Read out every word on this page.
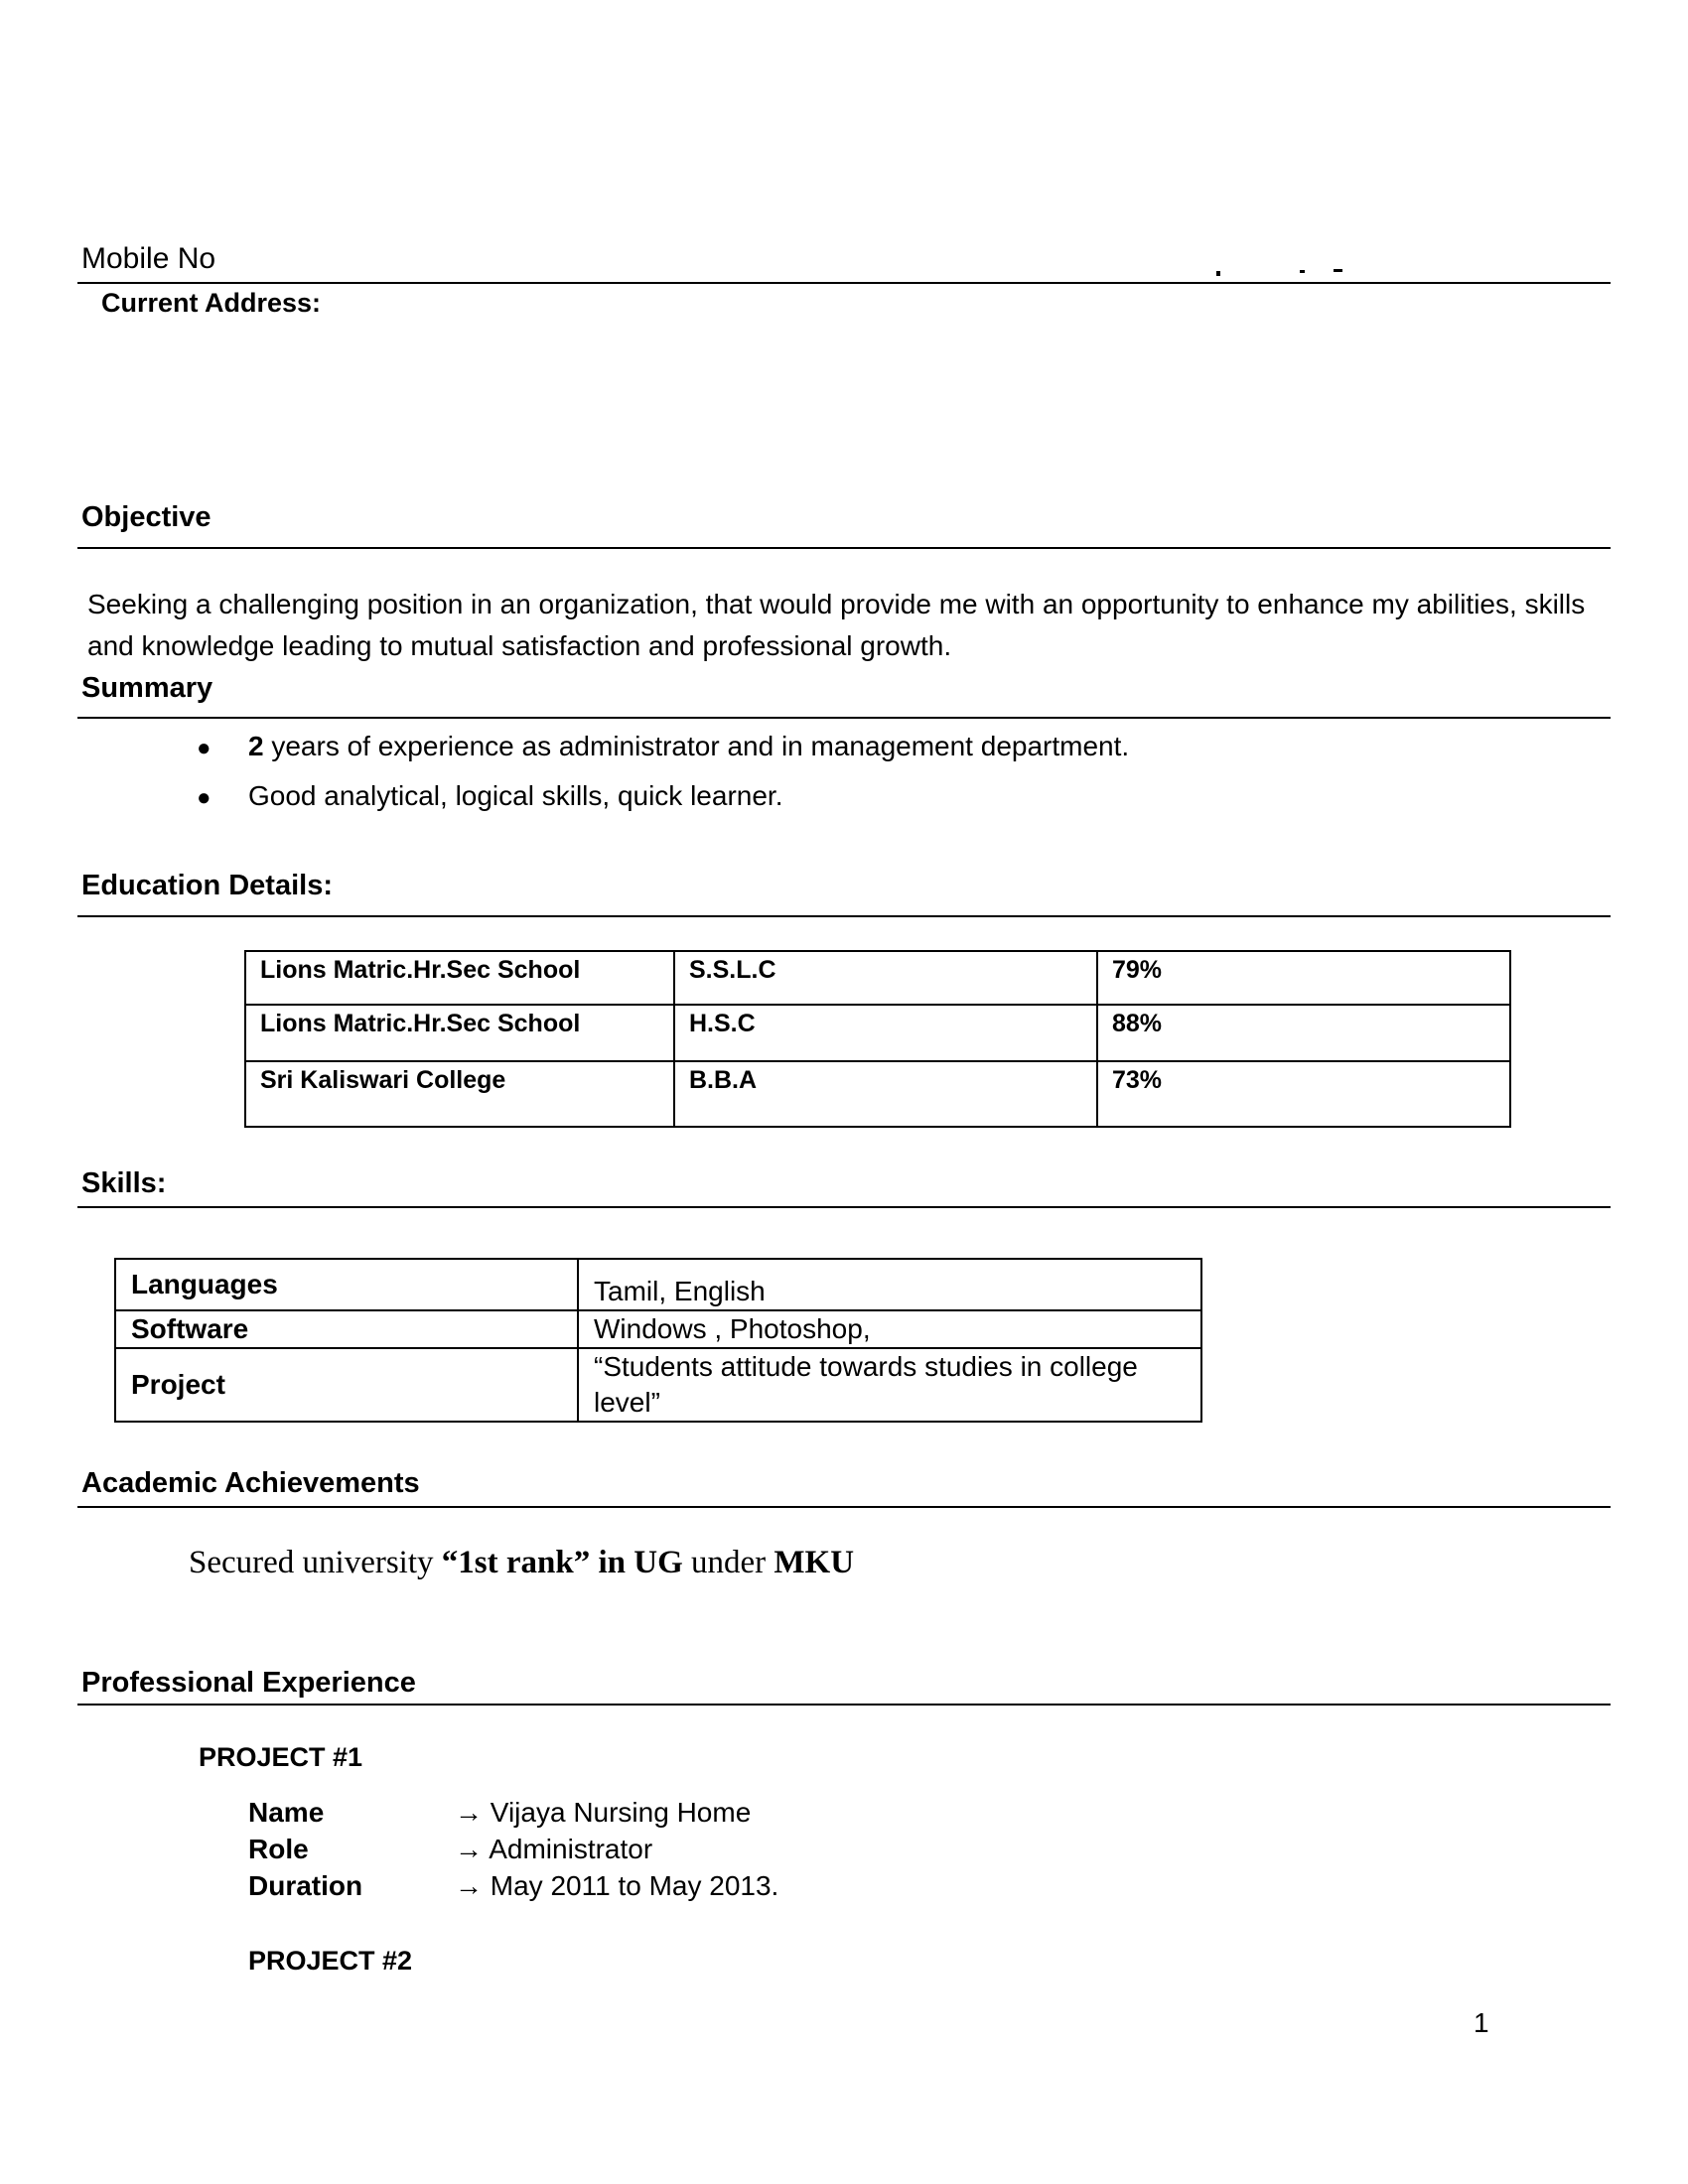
Mobile No
Current Address:
Objective
Seeking a challenging position in an organization, that would provide me with an opportunity to enhance my abilities, skills and knowledge leading to mutual satisfaction and professional growth.
Summary
●	2 years of experience as administrator and in management department.
●	Good analytical, logical skills, quick learner.
Education Details:
Lions Matric.Hr.Sec School	S.S.L.C	79%
Lions Matric.Hr.Sec School	H.S.C	88%
Sri Kaliswari College	B.B.A	73%
Skills:
Languages	Tamil, English
Software	Windows , Photoshop,
Project	“Students attitude towards studies in college level”
Academic Achievements
Secured university “1st rank” in UG under MKU
Professional Experience
PROJECT #1
Name	→ Vijaya Nursing Home
Role	→ Administrator
Duration	→ May 2011 to May 2013.
PROJECT #2
1
